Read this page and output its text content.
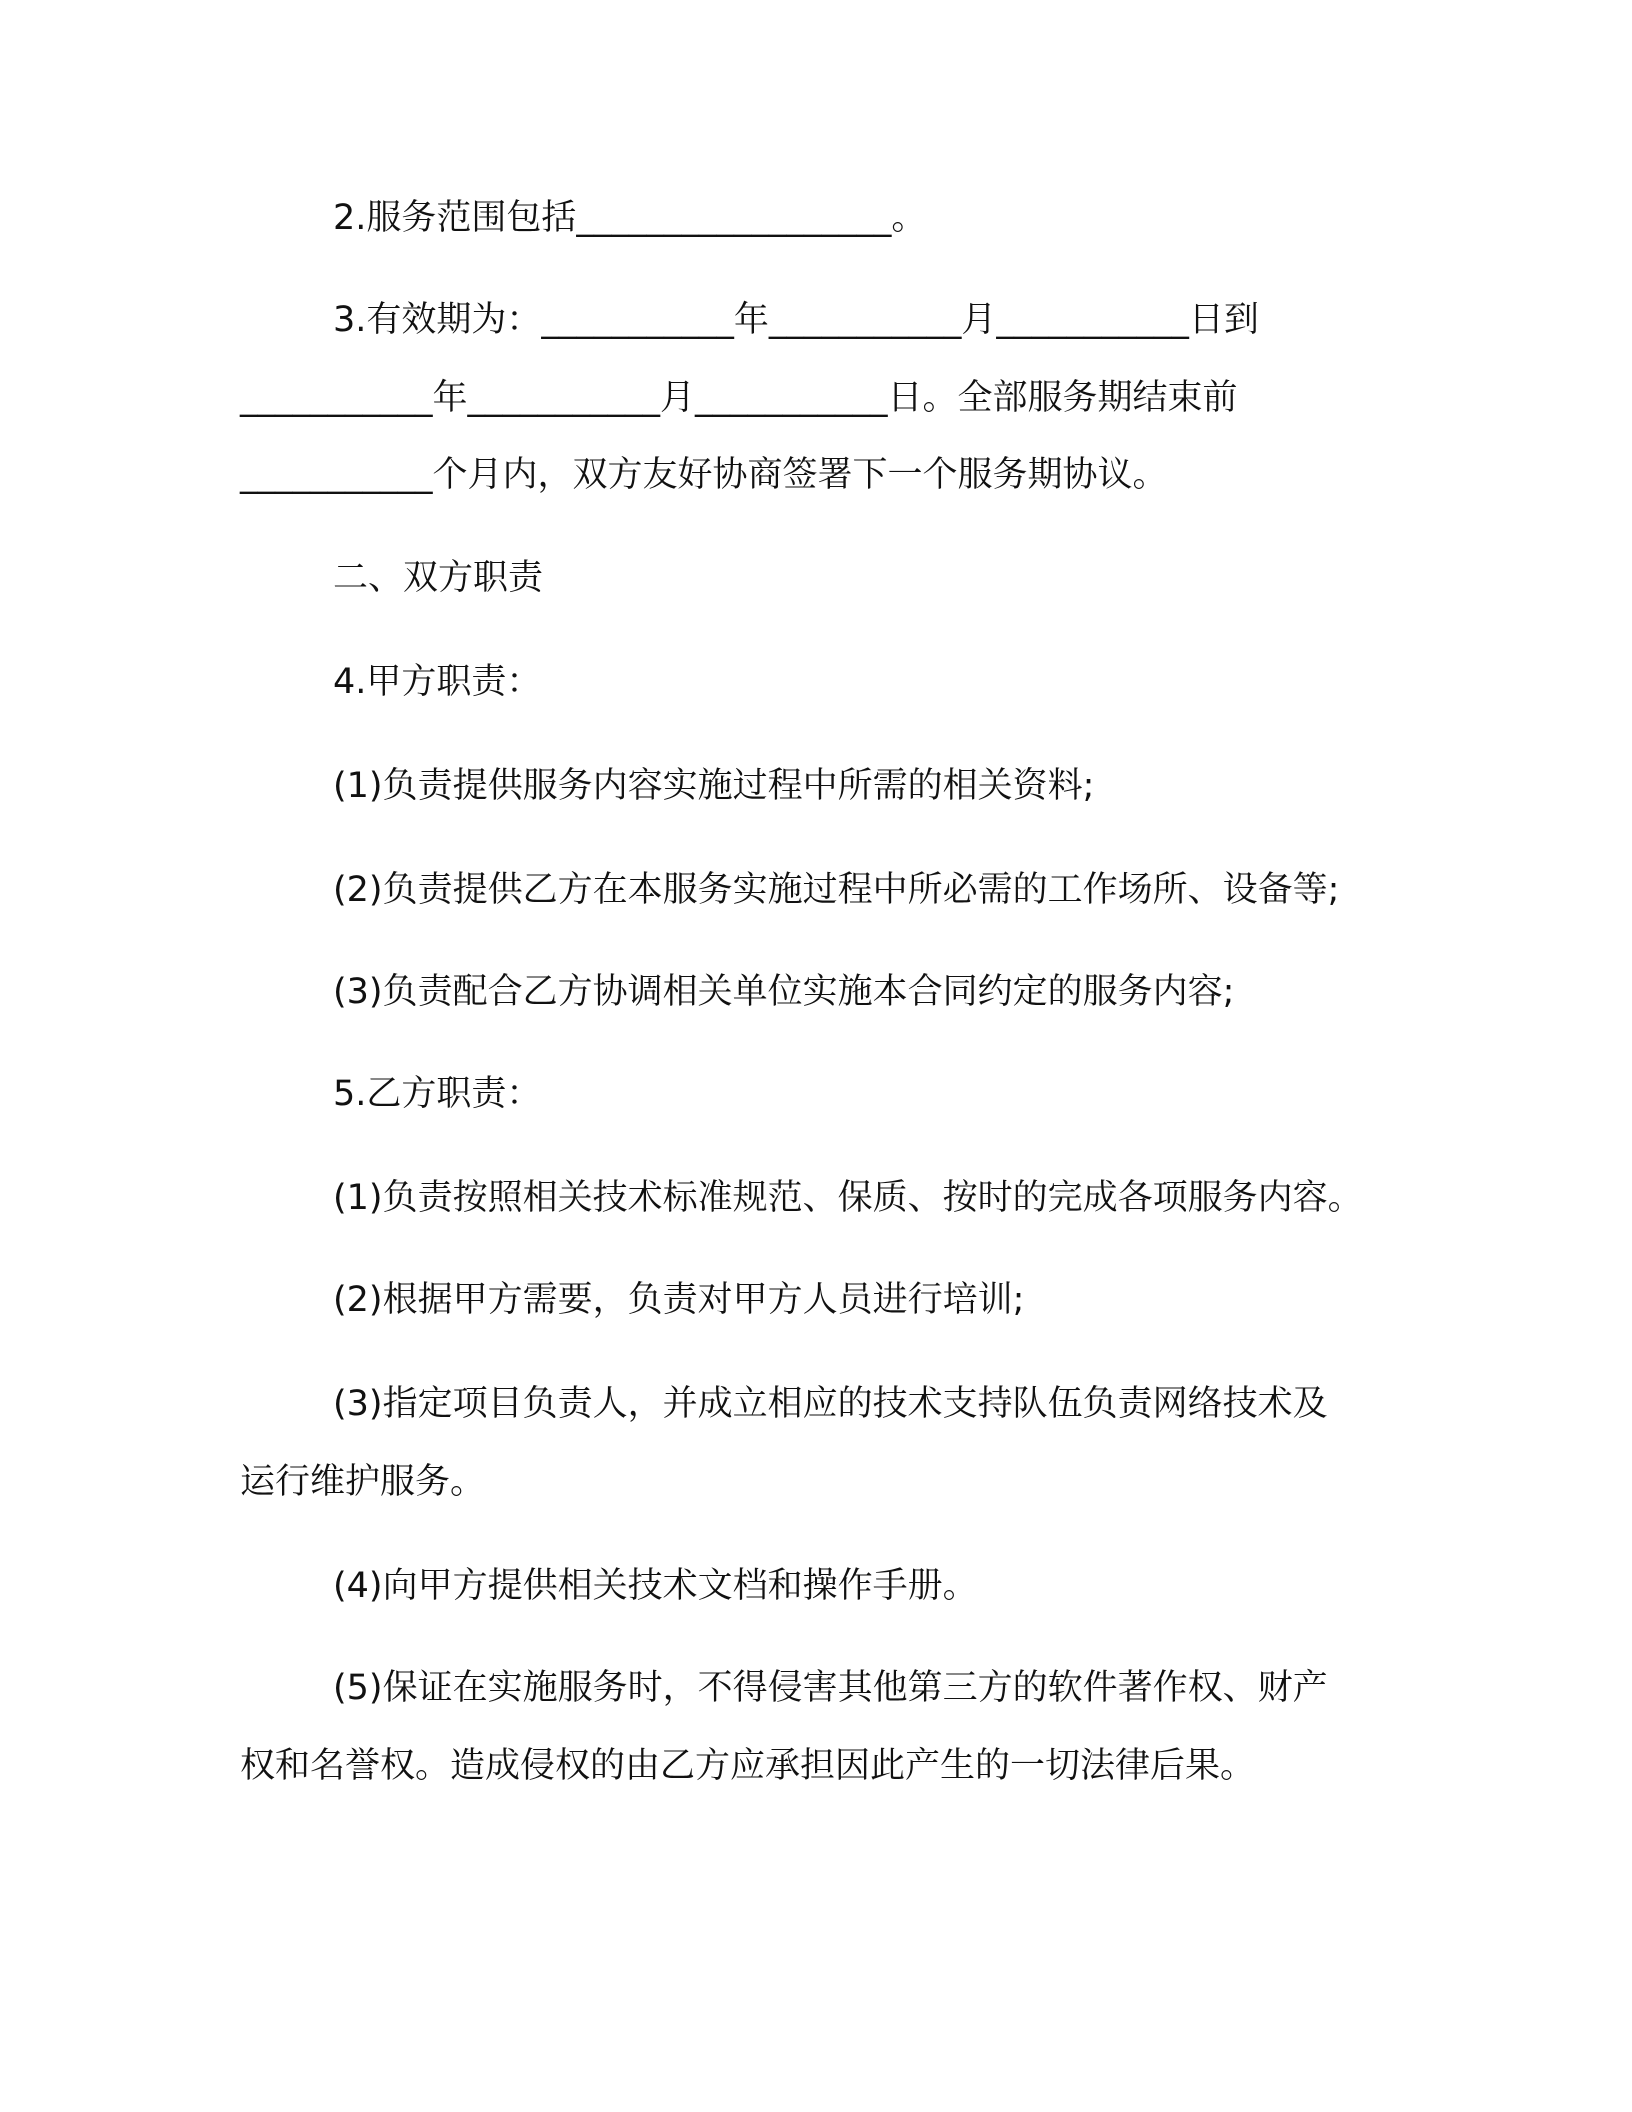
2.服务范围包括__________________。
3.有效期为：___________年___________月___________日到
___________年___________月___________日。全部服务期结束前
___________个月内，双方友好协商签署下一个服务期协议。
二、双方职责
4.甲方职责：
(1)负责提供服务内容实施过程中所需的相关资料;
(2)负责提供乙方在本服务实施过程中所必需的工作场所、设备等;
(3)负责配合乙方协调相关单位实施本合同约定的服务内容;
5.乙方职责：
(1)负责按照相关技术标准规范、保质、按时的完成各项服务内容。
(2)根据甲方需要，负责对甲方人员进行培训;
(3)指定项目负责人，并成立相应的技术支持队伍负责网络技术及
运行维护服务。
(4)向甲方提供相关技术文档和操作手册。
(5)保证在实施服务时，不得侵害其他第三方的软件著作权、财产
权和名誉权。造成侵权的由乙方应承担因此产生的一切法律后果。
